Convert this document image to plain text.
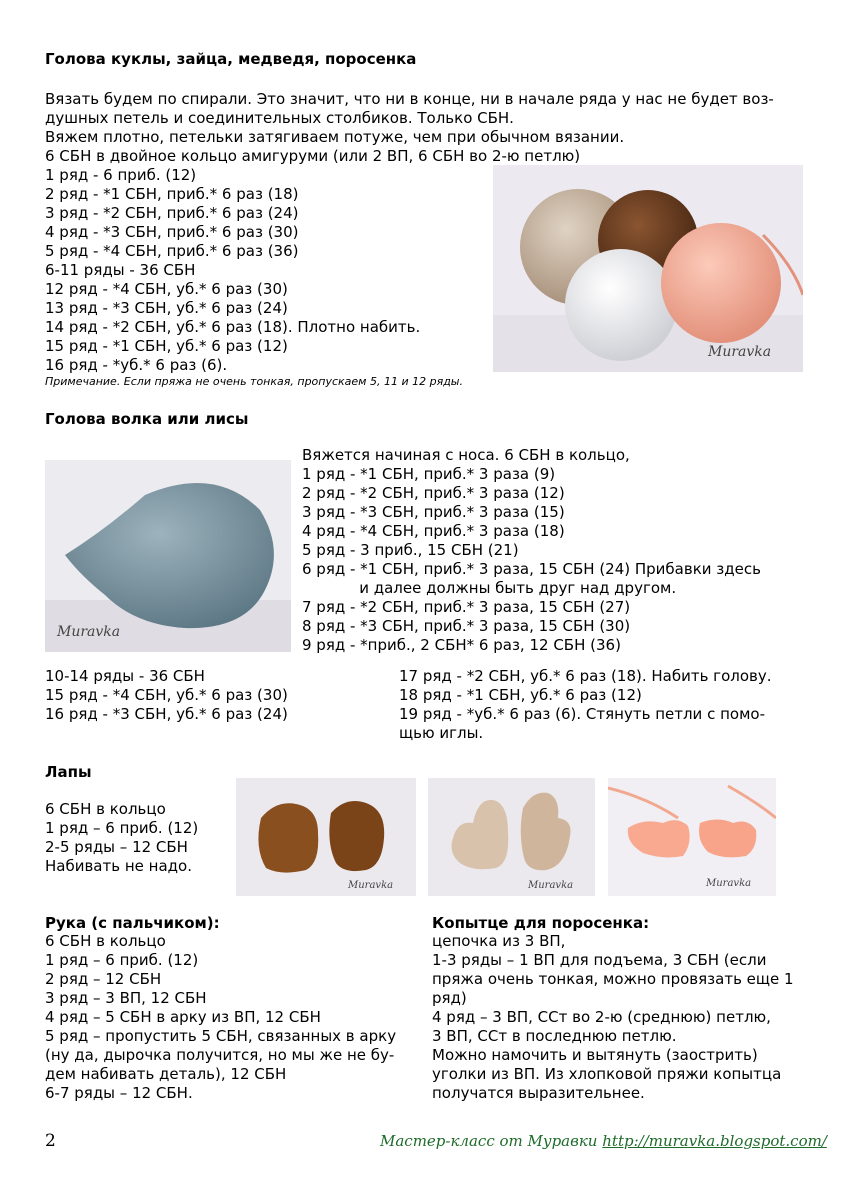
Голова куклы, зайца, медведя, поросенка
Вязать будем по спирали. Это значит, что ни в конце, ни в начале ряда у нас не будет воз-
душных петель и соединительных столбиков. Только СБН.
Вяжем плотно, петельки затягиваем потуже, чем при обычном вязании.
6 СБН в двойное кольцо амигуруми (или 2 ВП, 6 СБН во 2-ю петлю)
1 ряд - 6 приб. (12)
2 ряд - *1 СБН, приб.* 6 раз (18)
3 ряд - *2 СБН, приб.* 6 раз (24)
4 ряд - *3 СБН, приб.* 6 раз (30)
5 ряд - *4 СБН, приб.* 6 раз (36)
6-11 ряды - 36 СБН
12 ряд - *4 СБН, уб.* 6 раз (30)
13 ряд - *3 СБН, уб.* 6 раз (24)
14 ряд - *2 СБН, уб.* 6 раз (18). Плотно набить.
15 ряд - *1 СБН, уб.* 6 раз (12)
16 ряд - *уб.* 6 раз (6).
Примечание. Если пряжа не очень тонкая, пропускаем 5, 11 и 12 ряды.
Muravka
Голова волка или лисы
Muravka
Вяжется начиная с носа. 6 СБН в кольцо,
1 ряд - *1 СБН, приб.* 3 раза (9)
2 ряд - *2 СБН, приб.* 3 раза (12)
3 ряд - *3 СБН, приб.* 3 раза (15)
4 ряд - *4 СБН, приб.* 3 раза (18)
5 ряд - 3 приб., 15 СБН (21)
6 ряд - *1 СБН, приб.* 3 раза, 15 СБН (24) Прибавки здесь
и далее должны быть друг над другом.
7 ряд - *2 СБН, приб.* 3 раза, 15 СБН (27)
8 ряд - *3 СБН, приб.* 3 раза, 15 СБН (30)
9 ряд - *приб., 2 СБН* 6 раз, 12 СБН (36)
10-14 ряды - 36 СБН
15 ряд - *4 СБН, уб.* 6 раз (30)
16 ряд - *3 СБН, уб.* 6 раз (24)
17 ряд - *2 СБН, уб.* 6 раз (18). Набить голову.
18 ряд - *1 СБН, уб.* 6 раз (12)
19 ряд - *уб.* 6 раз (6). Стянуть петли с помо-
щью иглы.
Лапы
6 СБН в кольцо
1 ряд – 6 приб. (12)
2-5 ряды – 12 СБН
Набивать не надо.
Muravka	Muravka	Muravka
Рука (с пальчиком):
6 СБН в кольцо
1 ряд – 6 приб. (12)
2 ряд – 12 СБН
3 ряд – 3 ВП, 12 СБН
4 ряд – 5 СБН в арку из ВП, 12 СБН
5 ряд – пропустить 5 СБН, связанных в арку
(ну да, дырочка получится, но мы же не бу-
дем набивать деталь), 12 СБН
6-7 ряды – 12 СБН.
Копытце для поросенка:
цепочка из 3 ВП,
1-3 ряды – 1 ВП для подъема, 3 СБН (если
пряжа очень тонкая, можно провязать еще 1
ряд)
4 ряд – 3 ВП, ССт во 2-ю (среднюю) петлю,
3 ВП, ССт в последнюю петлю.
Можно намочить и вытянуть (заострить)
уголки из ВП. Из хлопковой пряжи копытца
получатся выразительнее.
2	Мастер-класс от Муравки http://muravka.blogspot.com/
